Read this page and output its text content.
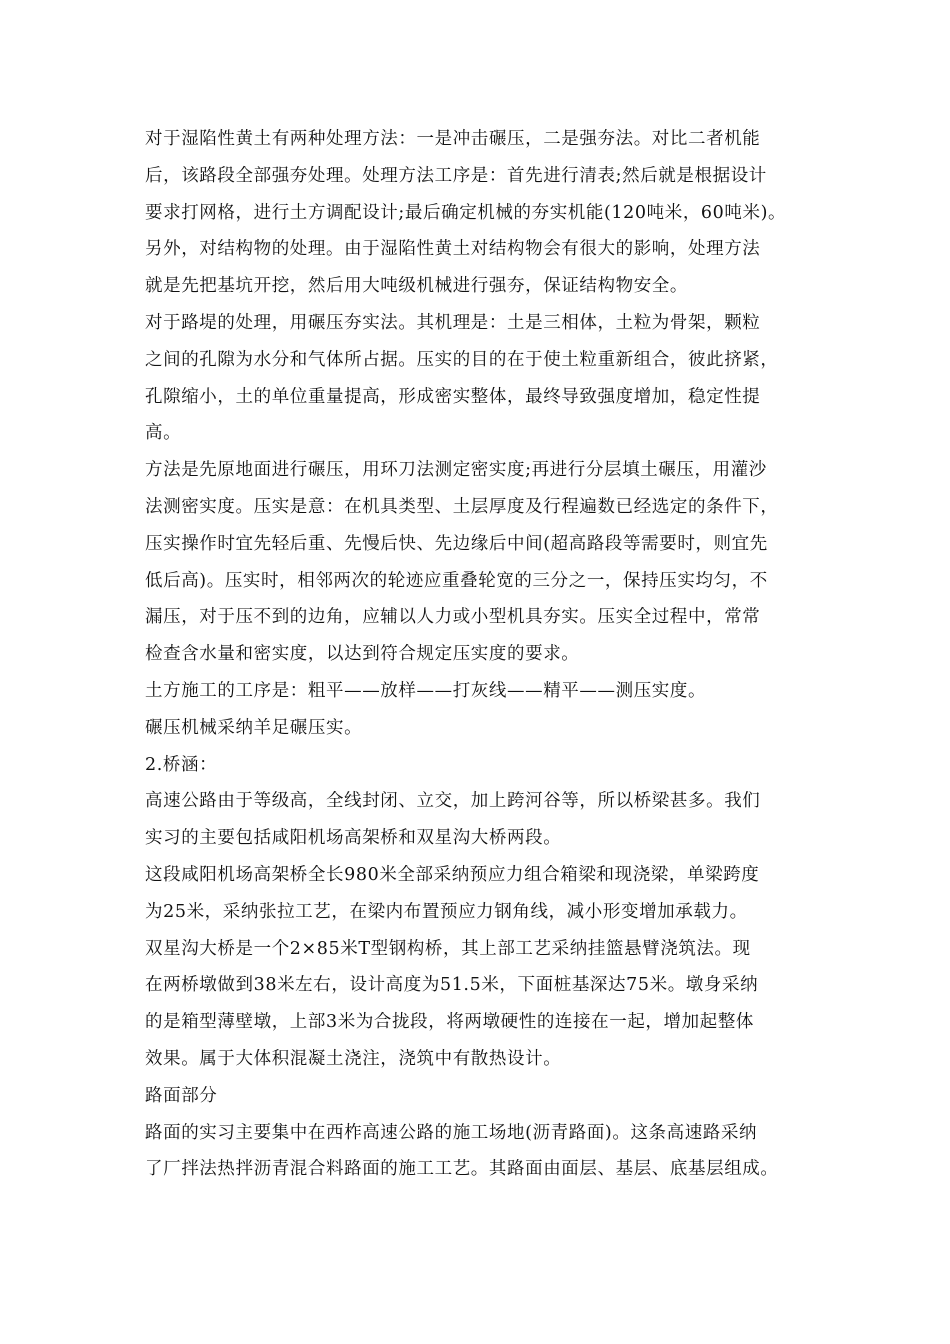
对于湿陷性黄土有两种处理方法：一是冲击碾压，二是强夯法。对比二者机能
后，该路段全部强夯处理。处理方法工序是：首先进行清表;然后就是根据设计
要求打网格，进行土方调配设计;最后确定机械的夯实机能(120吨米，60吨米)。
另外，对结构物的处理。由于湿陷性黄土对结构物会有很大的影响，处理方法
就是先把基坑开挖，然后用大吨级机械进行强夯，保证结构物安全。
对于路堤的处理，用碾压夯实法。其机理是：土是三相体，土粒为骨架，颗粒
之间的孔隙为水分和气体所占据。压实的目的在于使土粒重新组合，彼此挤紧，
孔隙缩小，土的单位重量提高，形成密实整体，最终导致强度增加，稳定性提
高。
方法是先原地面进行碾压，用环刀法测定密实度;再进行分层填土碾压，用灌沙
法测密实度。压实是意：在机具类型、土层厚度及行程遍数已经选定的条件下，
压实操作时宜先轻后重、先慢后快、先边缘后中间(超高路段等需要时，则宜先
低后高)。压实时，相邻两次的轮迹应重叠轮宽的三分之一，保持压实均匀，不
漏压，对于压不到的边角，应辅以人力或小型机具夯实。压实全过程中，常常
检查含水量和密实度，以达到符合规定压实度的要求。
土方施工的工序是：粗平——放样——打灰线——精平——测压实度。
碾压机械采纳羊足碾压实。
2.桥涵：
高速公路由于等级高，全线封闭、立交，加上跨河谷等，所以桥梁甚多。我们
实习的主要包括咸阳机场高架桥和双星沟大桥两段。
这段咸阳机场高架桥全长980米全部采纳预应力组合箱梁和现浇梁，单梁跨度
为25米，采纳张拉工艺，在梁内布置预应力钢角线，减小形变增加承载力。
双星沟大桥是一个2×85米T型钢构桥，其上部工艺采纳挂篮悬臂浇筑法。现
在两桥墩做到38米左右，设计高度为51.5米，下面桩基深达75米。墩身采纳
的是箱型薄壁墩，上部3米为合拢段，将两墩硬性的连接在一起，增加起整体
效果。属于大体积混凝土浇注，浇筑中有散热设计。
路面部分
路面的实习主要集中在西柞高速公路的施工场地(沥青路面)。这条高速路采纳
了厂拌法热拌沥青混合料路面的施工工艺。其路面由面层、基层、底基层组成。
